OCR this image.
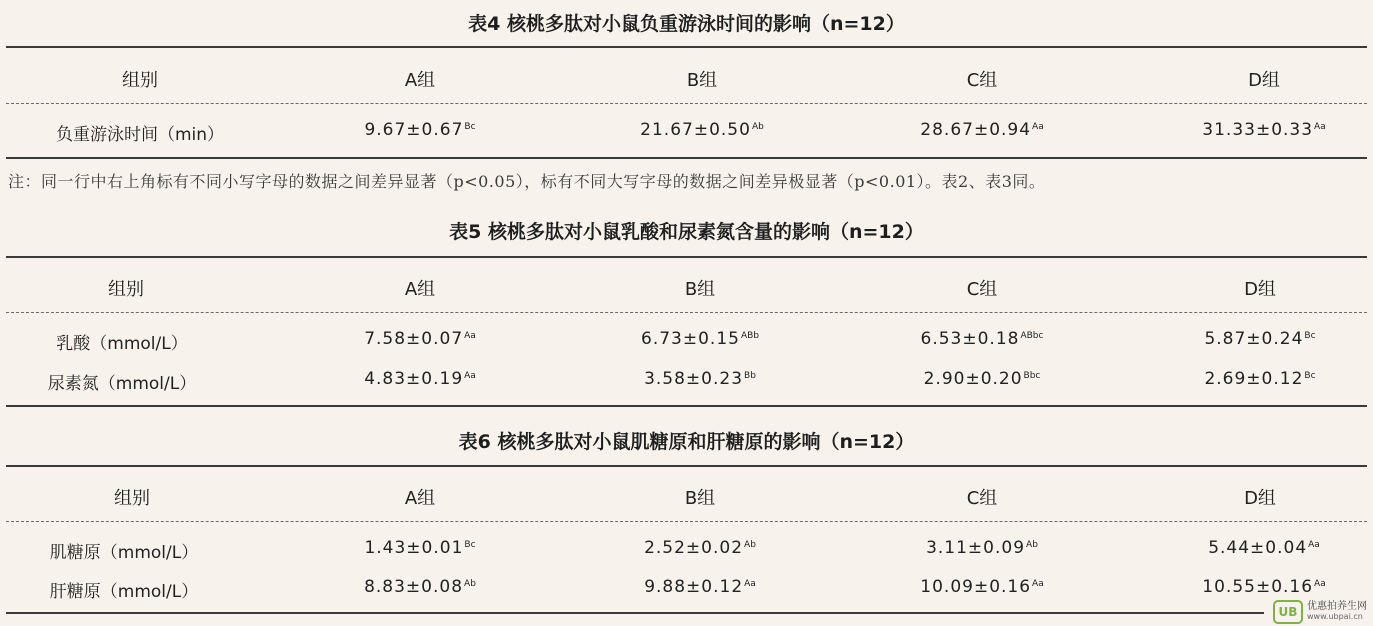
表4 核桃多肽对小鼠负重游泳时间的影响（n=12）
组别	A组	B组	C组	D组
负重游泳时间（min）	$9.67\pm 0.67^{Bc}$	$21.67\pm 0.50^{Ab}$	$28.67\pm 0.94^{Aa}$	$31.33\pm 0.33^{Aa}$
注：同一行中右上角标有不同小写字母的数据之间差异显著（p<0.05），标有不同大写字母的数据之间差异极显著（p<0.01）。表2、表3同。
表5 核桃多肽对小鼠乳酸和尿素氮含量的影响（n=12）
组别	A组	B组	C组	D组
乳酸（mmol/L）	$7.58\pm 0.07^{Aa}$	$6.73\pm 0.15^{ABb}$	$6.53\pm 0.18^{ABbc}$	$5.87\pm 0.24^{Bc}$
尿素氮（mmol/L）	$4.83\pm 0.19^{Aa}$	$3.58\pm 0.23^{Bb}$	$2.90\pm 0.20^{Bbc}$	$2.69\pm 0.12^{Bc}$
表6 核桃多肽对小鼠肌糖原和肝糖原的影响（n=12）
组别	A组	B组	C组	D组
肌糖原（mmol/L）	$1.43\pm 0.01^{Bc}$	$2.52\pm 0.02^{Ab}$	$3.11\pm 0.09^{Ab}$	$5.44\pm 0.04^{Aa}$
肝糖原（mmol/L）	$8.83\pm 0.08^{Ab}$	$9.88\pm 0.12^{Aa}$	$10.09\pm 0.16^{Aa}$	$10.55\pm 0.16^{Aa}$
UB 优惠拍养生网
www.ubpai.cn
